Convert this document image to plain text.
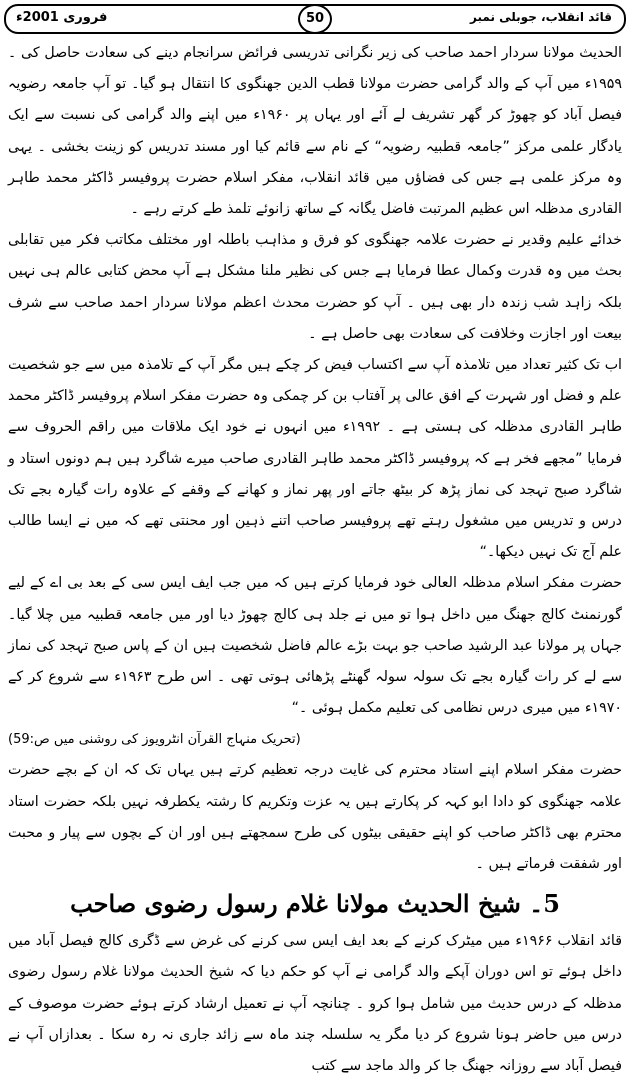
فروری 2001ء	50	قائد انقلاب، جوبلی نمبر

الحدیث مولانا سردار احمد صاحب کی زیر نگرانی تدریسی فرائض سرانجام دینے کی سعادت حاصل کی ۔ ۱۹۵۹ء میں آپ کے والد گرامی حضرت مولانا قطب الدین جھنگوی کا انتقال ہو گیا۔ تو آپ جامعہ رضویہ فیصل آباد کو چھوڑ کر گھر تشریف لے آئے اور یہاں پر ۱۹۶۰ء میں اپنے والد گرامی کی نسبت سے ایک یادگار علمی مرکز ”جامعہ قطبیہ رضویہ“ کے نام سے قائم کیا اور مسند تدریس کو زینت بخشی ۔ یہی وہ مرکز علمی ہے جس کی فضاؤں میں قائد انقلاب، مفکر اسلام حضرت پروفیسر ڈاکٹر محمد طاہر القادری مدظلہ اس عظیم المرتبت فاضل یگانہ کے ساتھ زانوئے تلمذ طے کرتے رہے ۔

خدائے علیم وقدیر نے حضرت علامہ جھنگوی کو فرق و مذاہب باطلہ اور مختلف مکاتب فکر میں تقابلی بحث میں وہ قدرت وکمال عطا فرمایا ہے جس کی نظیر ملنا مشکل ہے آپ محض کتابی عالم ہی نہیں بلکہ زاہد شب زندہ دار بھی ہیں ۔ آپ کو حضرت محدث اعظم مولانا سردار احمد صاحب سے شرف بیعت اور اجازت وخلافت کی سعادت بھی حاصل ہے ۔

اب تک کثیر تعداد میں تلامذہ آپ سے اکتساب فیض کر چکے ہیں مگر آپ کے تلامذہ میں سے جو شخصیت علم و فضل اور شہرت کے افق عالی پر آفتاب بن کر چمکی وہ حضرت مفکر اسلام پروفیسر ڈاکٹر محمد طاہر القادری مدظلہ کی ہستی ہے ۔ ۱۹۹۲ء میں انہوں نے خود ایک ملاقات میں راقم الحروف سے فرمایا ”مجھے فخر ہے کہ پروفیسر ڈاکٹر محمد طاہر القادری صاحب میرے شاگرد ہیں ہم دونوں استاد و شاگرد صبح تہجد کی نماز پڑھ کر بیٹھ جاتے اور پھر نماز و کھانے کے وقفے کے علاوہ رات گیارہ بجے تک درس و تدریس میں مشغول رہتے تھے پروفیسر صاحب اتنے ذہین اور محنتی تھے کہ میں نے ایسا طالب علم آج تک نہیں دیکھا۔“

حضرت مفکر اسلام مدظلہ العالی خود فرمایا کرتے ہیں کہ میں جب ایف ایس سی کے بعد بی اے کے لیے گورنمنٹ کالج جھنگ میں داخل ہوا تو میں نے جلد ہی کالج چھوڑ دیا اور میں جامعہ قطبیہ میں چلا گیا۔ جہاں پر مولانا عبد الرشید صاحب جو بہت بڑے عالم فاضل شخصیت ہیں ان کے پاس صبح تہجد کی نماز سے لے کر رات گیارہ بجے تک سولہ سولہ گھنٹے پڑھائی ہوتی تھی ۔ اس طرح ۱۹۶۳ء سے شروع کر کے ۱۹۷۰ء میں میری درس نظامی کی تعلیم مکمل ہوئی ۔“

(تحریک منہاج القرآن انٹرویوز کی روشنی میں ص:59)

حضرت مفکر اسلام اپنے استاد محترم کی غایت درجہ تعظیم کرتے ہیں یہاں تک کہ ان کے بچے حضرت علامہ جھنگوی کو دادا ابو کہہ کر پکارتے ہیں یہ عزت وتکریم کا رشتہ یکطرفہ نہیں بلکہ حضرت استاد محترم بھی ڈاکٹر صاحب کو اپنے حقیقی بیٹوں کی طرح سمجھتے ہیں اور ان کے بچوں سے پیار و محبت اور شفقت فرماتے ہیں ۔

5۔ شیخ الحدیث مولانا غلام رسول رضوی صاحب

قائد انقلاب ۱۹۶۶ء میں میٹرک کرنے کے بعد ایف ایس سی کرنے کی غرض سے ڈگری کالج فیصل آباد میں داخل ہوئے تو اس دوران آپکے والد گرامی نے آپ کو حکم دیا کہ شیخ الحدیث مولانا غلام رسول رضوی مدظلہ کے درس حدیث میں شامل ہوا کرو ۔ چنانچہ آپ نے تعمیل ارشاد کرتے ہوئے حضرت موصوف کے درس میں حاضر ہونا شروع کر دیا مگر یہ سلسلہ چند ماہ سے زائد جاری نہ رہ سکا ۔ بعدازاں آپ نے فیصل آباد سے روزانہ جھنگ جا کر والد ماجد سے کتب
